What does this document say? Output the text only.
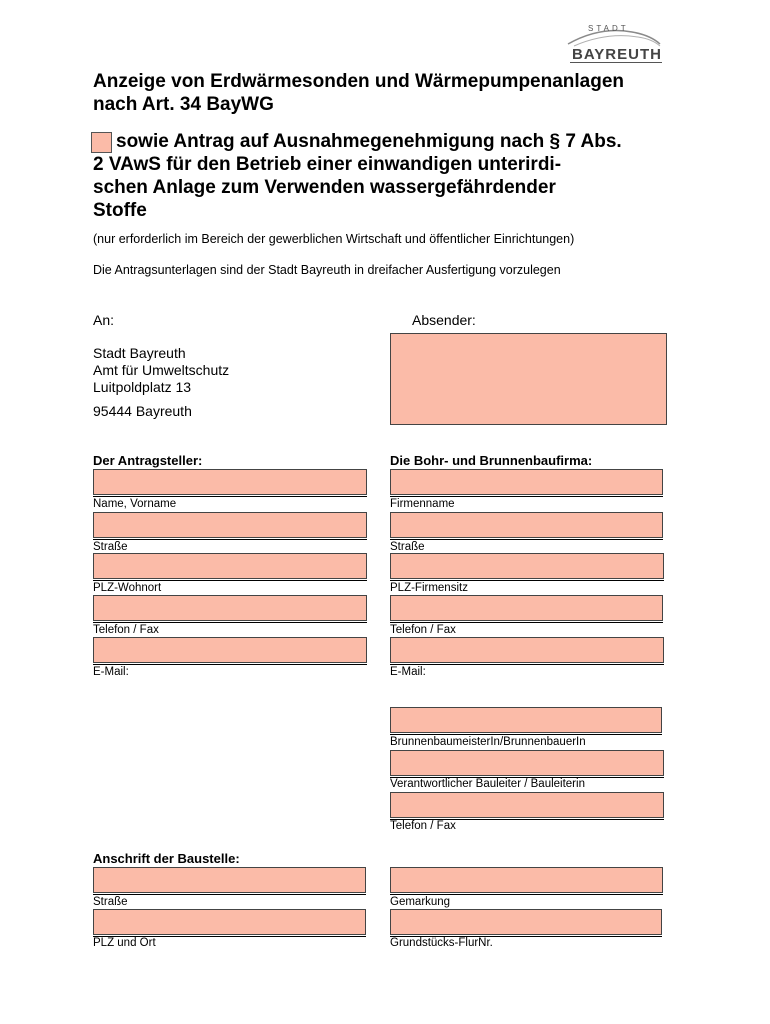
STADT
BAYREUTH
Anzeige von Erdwärmesonden und Wärmepumpenanlagen
nach Art. 34 BayWG
sowie Antrag auf Ausnahmegenehmigung nach § 7 Abs.
2 VAwS für den Betrieb einer einwandigen unterirdi-
schen Anlage zum Verwenden wassergefährdender
Stoffe
(nur erforderlich im Bereich der gewerblichen Wirtschaft und öffentlicher Einrichtungen)
Die Antragsunterlagen sind der Stadt Bayreuth in dreifacher Ausfertigung vorzulegen
An:	Absender:
Stadt Bayreuth
Amt für Umweltschutz
Luitpoldplatz 13
95444 Bayreuth
Der Antragsteller:	Die Bohr- und Brunnenbaufirma:
Name, Vorname
Straße
PLZ-Wohnort
Telefon / Fax
E-Mail:
Firmenname
Straße
PLZ-Firmensitz
Telefon / Fax
E-Mail:
BrunnenbaumeisterIn/BrunnenbauerIn
Verantwortlicher Bauleiter / Bauleiterin
Telefon / Fax
Anschrift der Baustelle:
Straße
PLZ und Ort
Gemarkung
Grundstücks-FlurNr.
